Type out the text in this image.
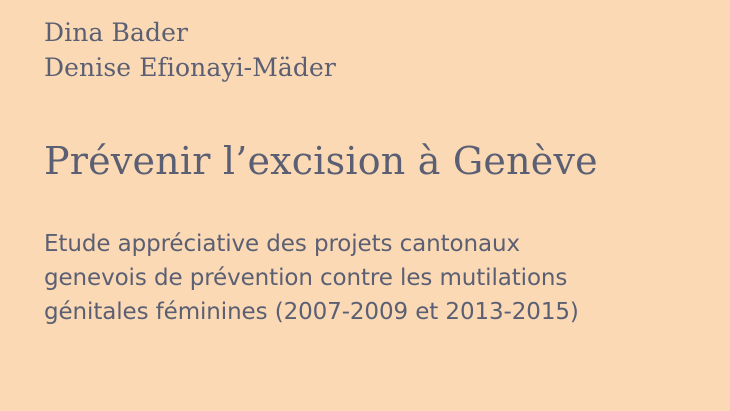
Dina Bader
Denise Efionayi-Mäder
Prévenir l’excision à Genève
Etude appréciative des projets cantonaux
genevois de prévention contre les mutilations
génitales féminines (2007-2009 et 2013-2015)
